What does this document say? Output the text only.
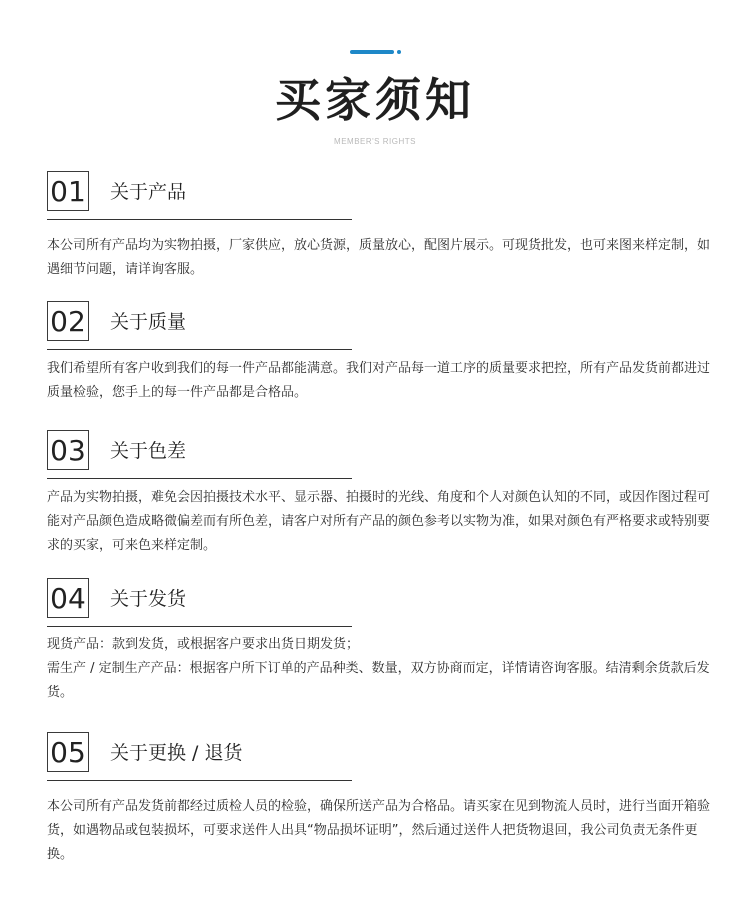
买家须知
MEMBER'S RIGHTS
01 关于产品

本公司所有产品均为实物拍摄，厂家供应，放心货源，质量放心，配图片展示。可现货批发，也可来图来样定制，如遇细节问题，请详询客服。

02 关于质量

我们希望所有客户收到我们的每一件产品都能满意。我们对产品每一道工序的质量要求把控，所有产品发货前都进过质量检验，您手上的每一件产品都是合格品。

03 关于色差

产品为实物拍摄，难免会因拍摄技术水平、显示器、拍摄时的光线、角度和个人对颜色认知的不同，或因作图过程可能对产品颜色造成略微偏差而有所色差，请客户对所有产品的颜色参考以实物为准，如果对颜色有严格要求或特别要求的买家，可来色来样定制。

04 关于发货

现货产品：款到发货，或根据客户要求出货日期发货；

需生产 / 定制生产产品：根据客户所下订单的产品种类、数量，双方协商而定，详情请咨询客服。结清剩余货款后发货。

05 关于更换 / 退货

本公司所有产品发货前都经过质检人员的检验，确保所送产品为合格品。请买家在见到物流人员时，进行当面开箱验货，如遇物品或包装损坏，可要求送件人出具“物品损坏证明”，然后通过送件人把货物退回，我公司负责无条件更换。
